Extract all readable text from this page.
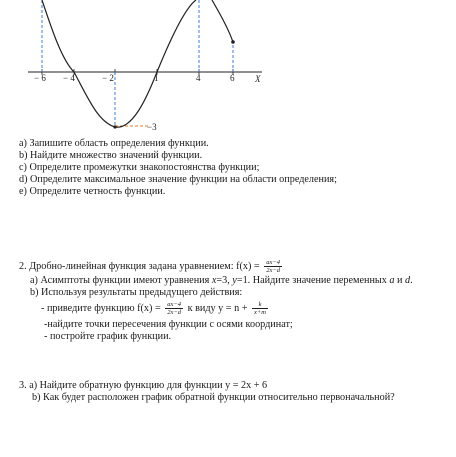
− 6 − 4	− 2	1	4	6 X
−3
а) Запишите область определения функции.
b) Найдите множество значений функции.
c) Определите промежутки знакопостоянства функции;
d) Определите максимальное значение функции на области определения;
e) Определите четность функции.
2. Дробно-линейная функция задана уравнением: $f(x) = \frac{ax-4}{2x-d}$
а) Асимптоты функции имеют уравнения x=3, y=1. Найдите значение переменных a и d.
b) Используя результаты предыдущего действия:
- приведите функцию $f(x) = \frac{ax-4}{2x-d}$ к виду $y = n + \frac{k}{x+m}$
-найдите точки пересечения функции с осями координат;
- постройте график функции.
3. а) Найдите обратную функцию для функции y = 2x + 6
b) Как будет расположен график обратной функции относительно первоначальной?
